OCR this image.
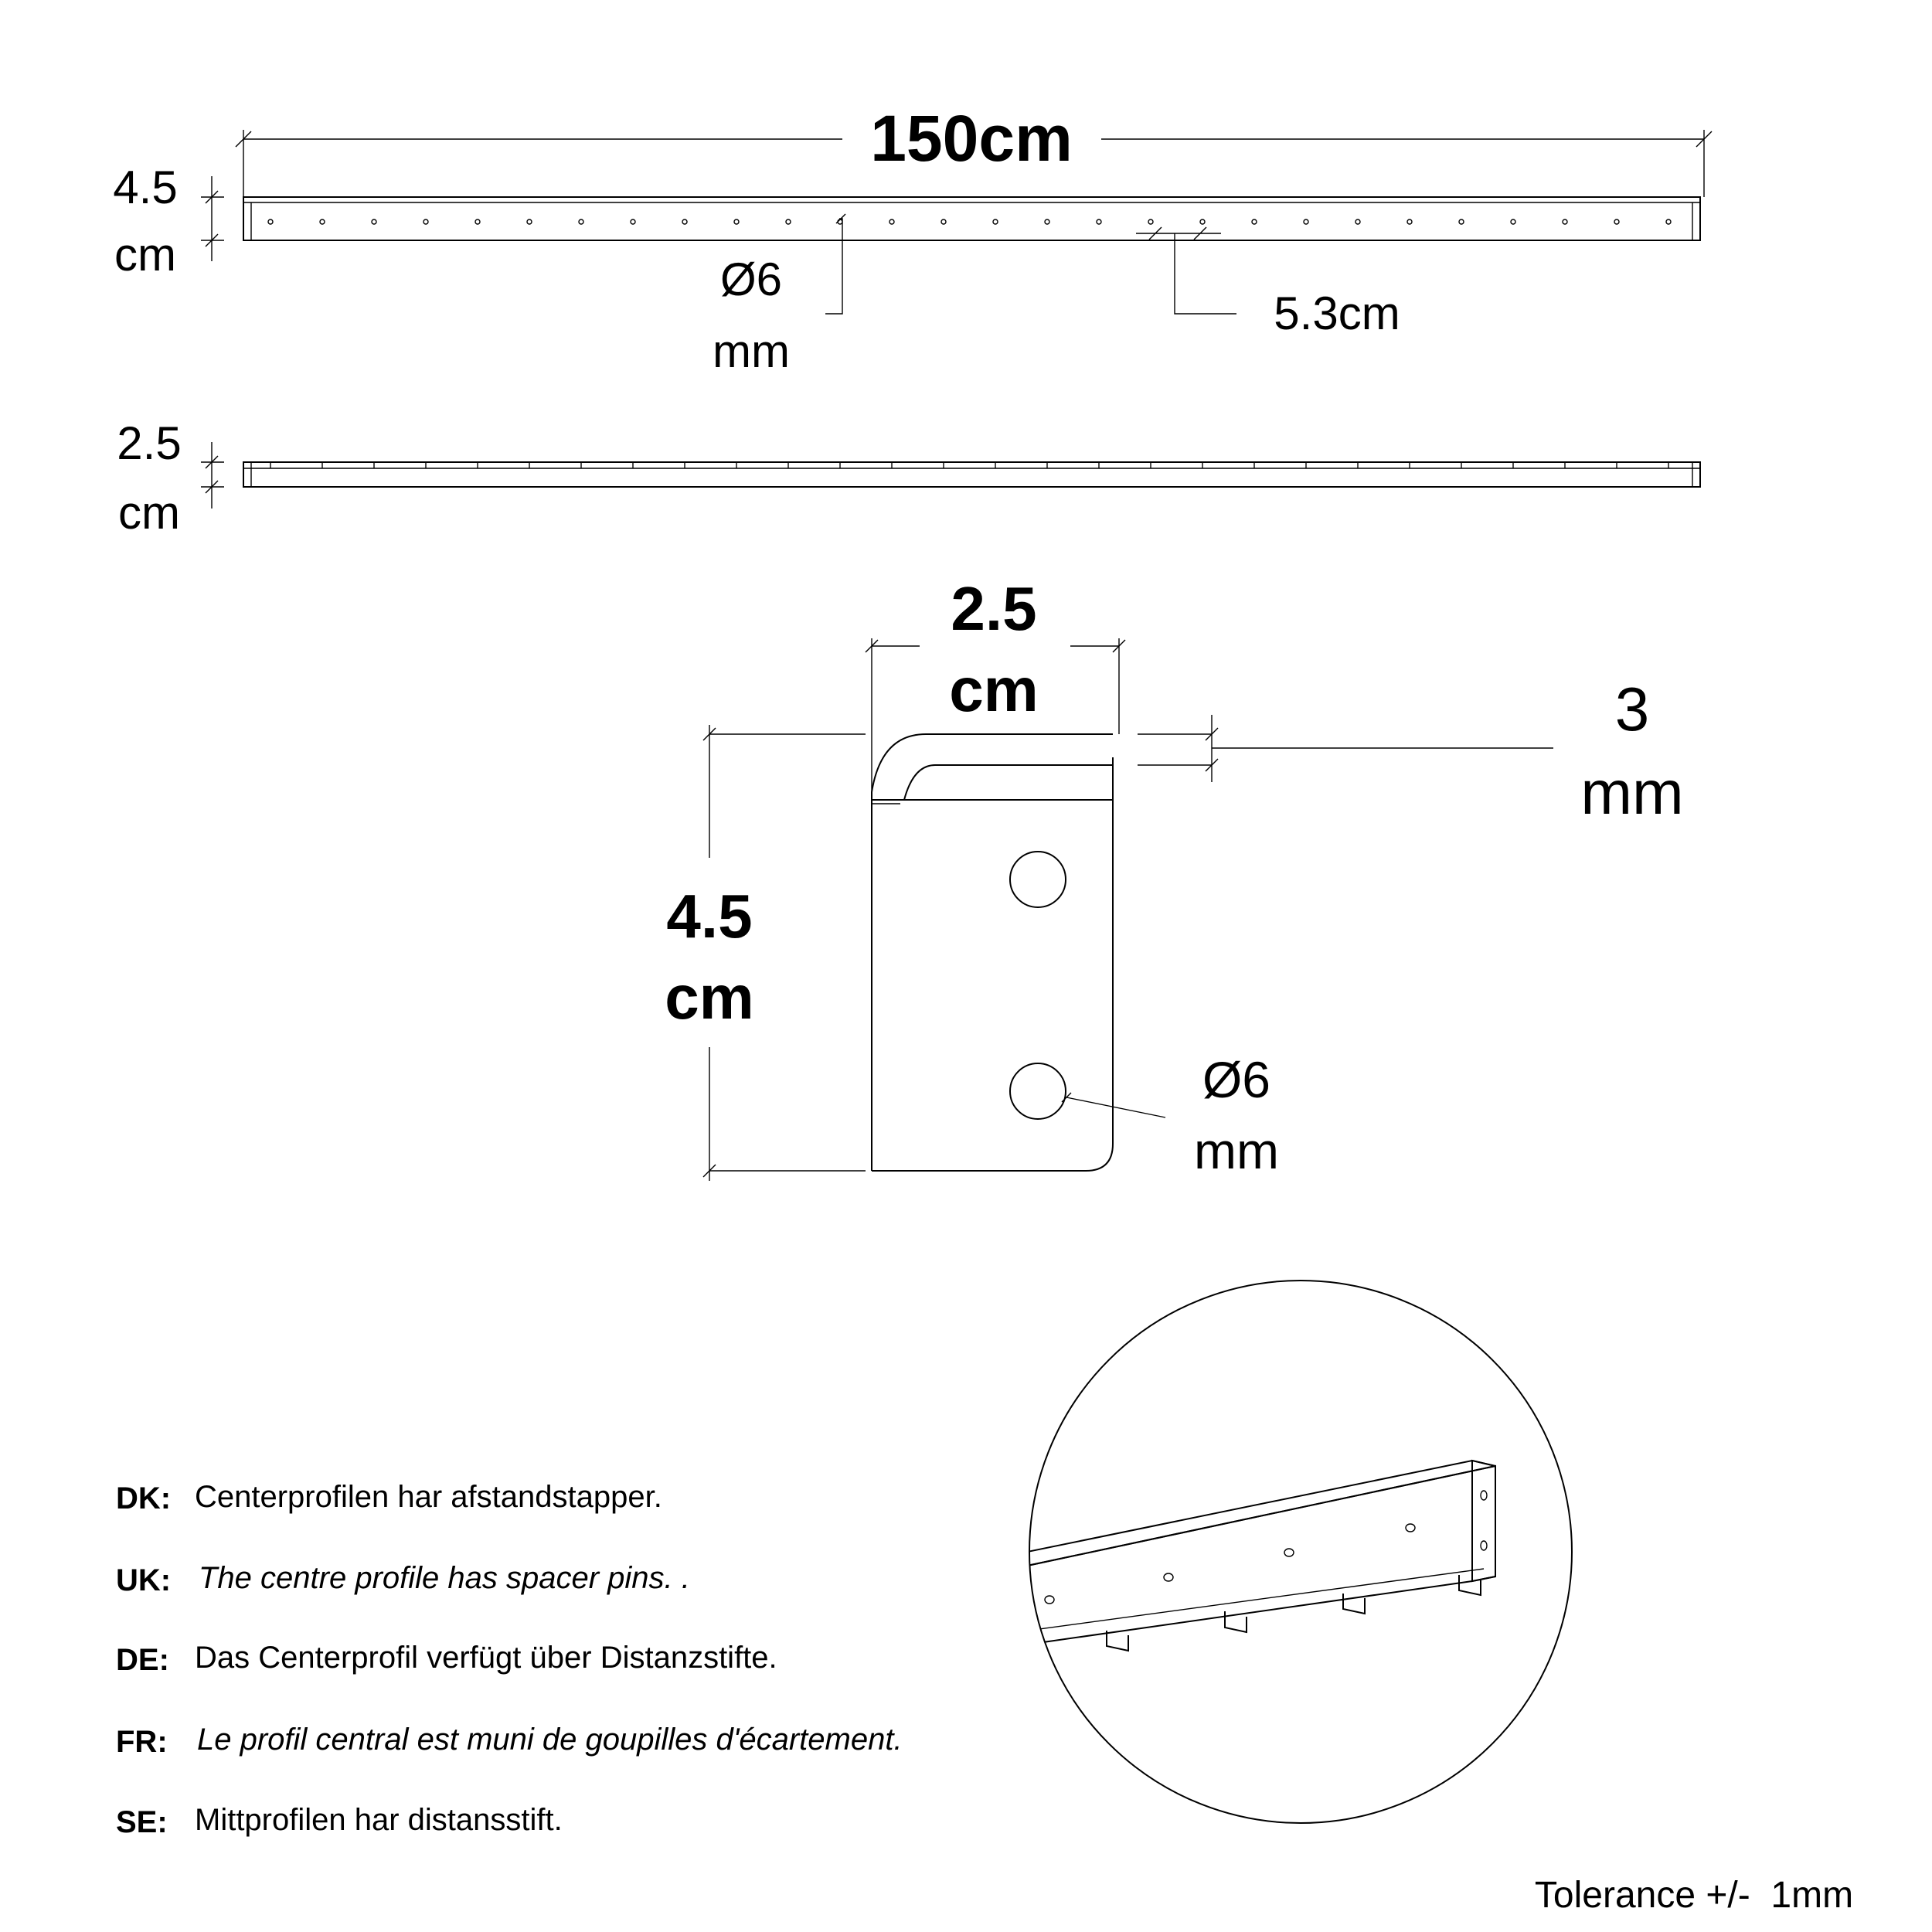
150cm
4.5
cm	Ø6
mm
5.3cm
2.5
cm
2.5
cm	3
mm
4.5
cm
Ø6
mm
DK: Centerprofilen har afstandstapper.
UK: The centre profile has spacer pins. .
DE: Das Centerprofil verfügt über Distanzstifte.
FR: Le profil central est muni de goupilles d'écartement.
SE: Mittprofilen har distansstift.
Tolerance +/-  1mm
